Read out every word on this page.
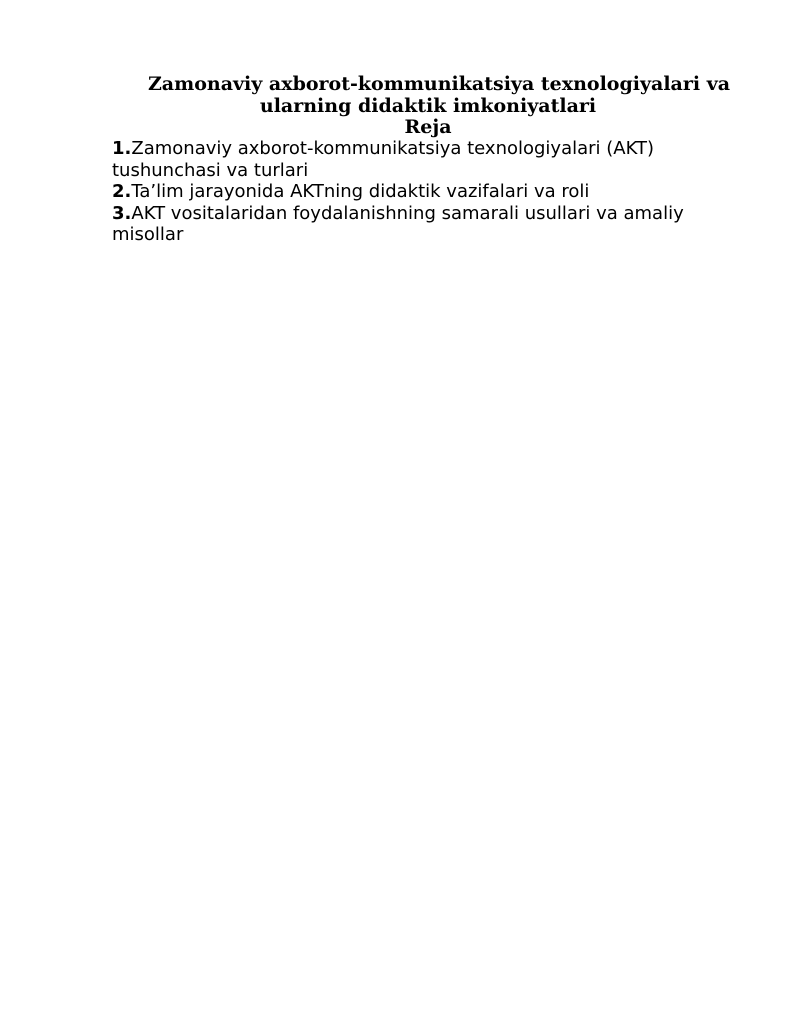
Zamonaviy axborot-kommunikatsiya texnologiyalari va
ularning didaktik imkoniyatlari
Reja

1.Zamonaviy axborot-kommunikatsiya texnologiyalari (AKT) tushunchasi va turlari

2.Ta’lim jarayonida AKTning didaktik vazifalari va roli

3.AKT vositalaridan foydalanishning samarali usullari va amaliy misollar
